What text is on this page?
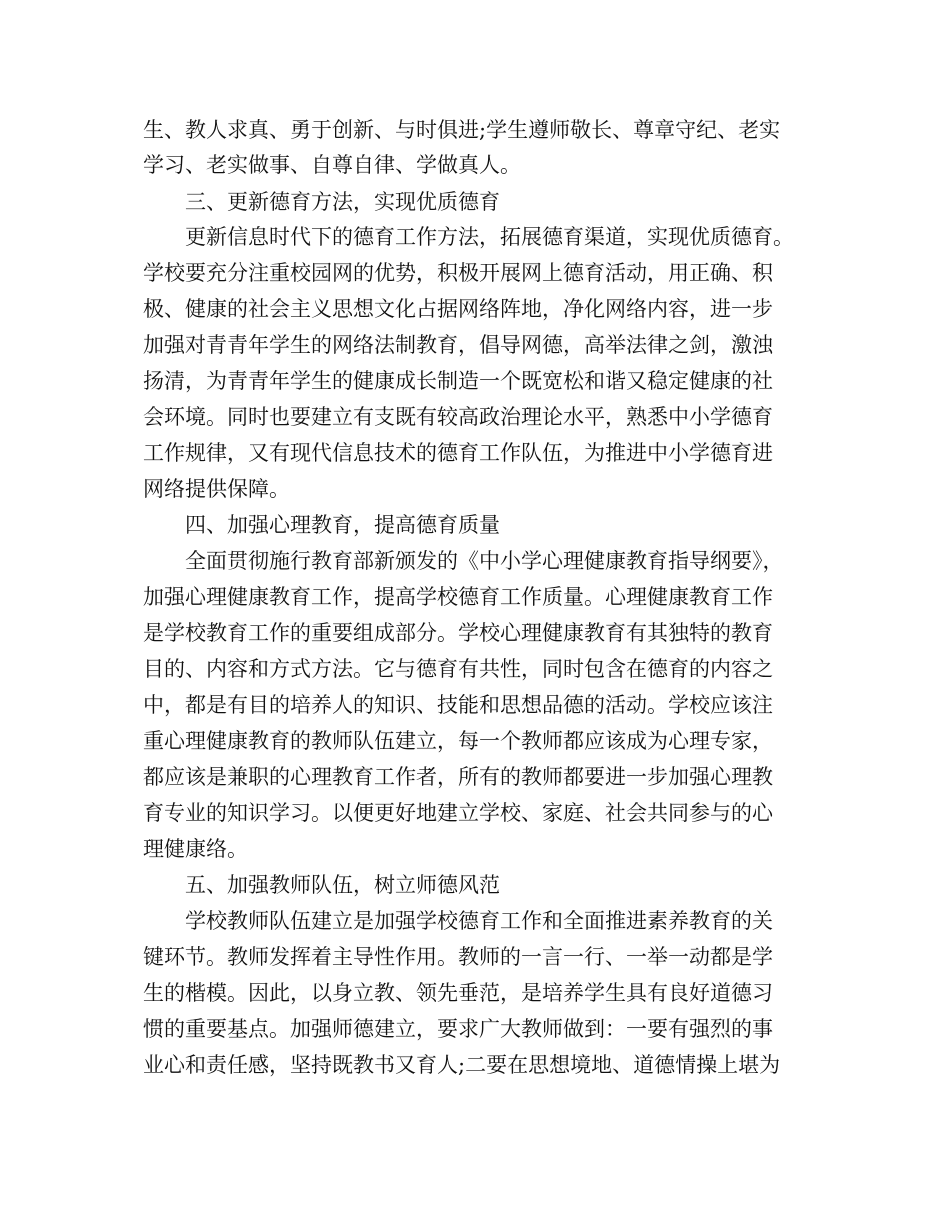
生、教人求真、勇于创新、与时俱进;学生遵师敬长、尊章守纪、老实
学习、老实做事、自尊自律、学做真人。
三、更新德育方法，实现优质德育
更新信息时代下的德育工作方法，拓展德育渠道，实现优质德育。
学校要充分注重校园网的优势，积极开展网上德育活动，用正确、积
极、健康的社会主义思想文化占据网络阵地，净化网络内容，进一步
加强对青青年学生的网络法制教育，倡导网德，高举法律之剑，激浊
扬清，为青青年学生的健康成长制造一个既宽松和谐又稳定健康的社
会环境。同时也要建立有支既有较高政治理论水平，熟悉中小学德育
工作规律，又有现代信息技术的德育工作队伍，为推进中小学德育进
网络提供保障。
四、加强心理教育，提高德育质量
全面贯彻施行教育部新颁发的《中小学心理健康教育指导纲要》，
加强心理健康教育工作，提高学校德育工作质量。心理健康教育工作
是学校教育工作的重要组成部分。学校心理健康教育有其独特的教育
目的、内容和方式方法。它与德育有共性，同时包含在德育的内容之
中，都是有目的培养人的知识、技能和思想品德的活动。学校应该注
重心理健康教育的教师队伍建立，每一个教师都应该成为心理专家，
都应该是兼职的心理教育工作者，所有的教师都要进一步加强心理教
育专业的知识学习。以便更好地建立学校、家庭、社会共同参与的心
理健康络。
五、加强教师队伍，树立师德风范
学校教师队伍建立是加强学校德育工作和全面推进素养教育的关
键环节。教师发挥着主导性作用。教师的一言一行、一举一动都是学
生的楷模。因此，以身立教、领先垂范，是培养学生具有良好道德习
惯的重要基点。加强师德建立，要求广大教师做到：一要有强烈的事
业心和责任感，坚持既教书又育人;二要在思想境地、道德情操上堪为
